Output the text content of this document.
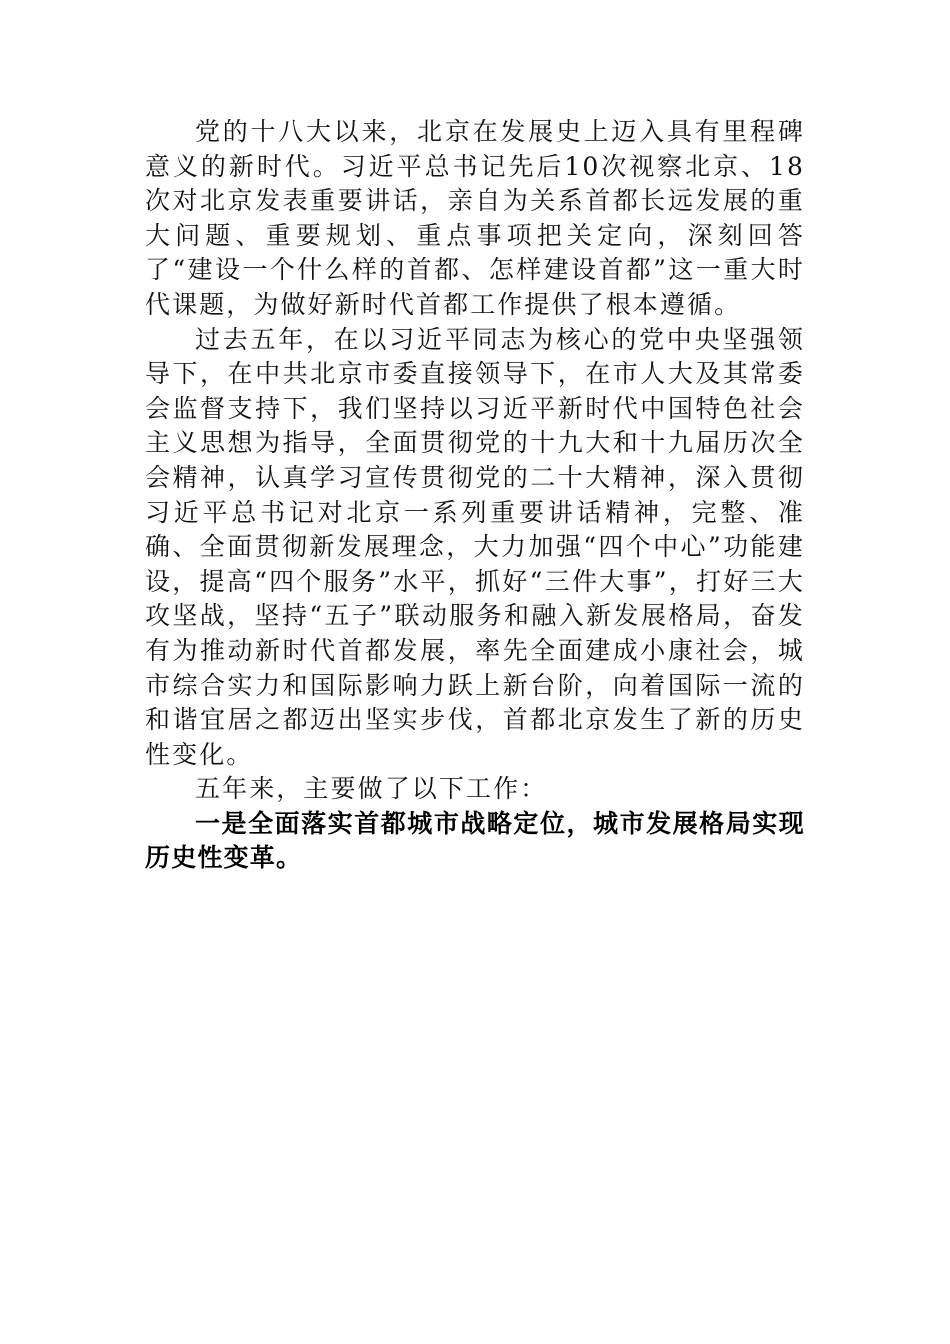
党的十八大以来，北京在发展史上迈入具有里程碑意义的新时代。习近平总书记先后10次视察北京、18次对北京发表重要讲话，亲自为关系首都长远发展的重大问题、重要规划、重点事项把关定向，深刻回答了“建设一个什么样的首都、怎样建设首都”这一重大时代课题，为做好新时代首都工作提供了根本遵循。

过去五年，在以习近平同志为核心的党中央坚强领导下，在中共北京市委直接领导下，在市人大及其常委会监督支持下，我们坚持以习近平新时代中国特色社会主义思想为指导，全面贯彻党的十九大和十九届历次全会精神，认真学习宣传贯彻党的二十大精神，深入贯彻习近平总书记对北京一系列重要讲话精神，完整、准确、全面贯彻新发展理念，大力加强“四个中心”功能建设，提高“四个服务”水平，抓好“三件大事”，打好三大攻坚战，坚持“五子”联动服务和融入新发展格局，奋发有为推动新时代首都发展，率先全面建成小康社会，城市综合实力和国际影响力跃上新台阶，向着国际一流的和谐宜居之都迈出坚实步伐，首都北京发生了新的历史性变化。

五年来，主要做了以下工作：

一是全面落实首都城市战略定位，城市发展格局实现历史性变革。
